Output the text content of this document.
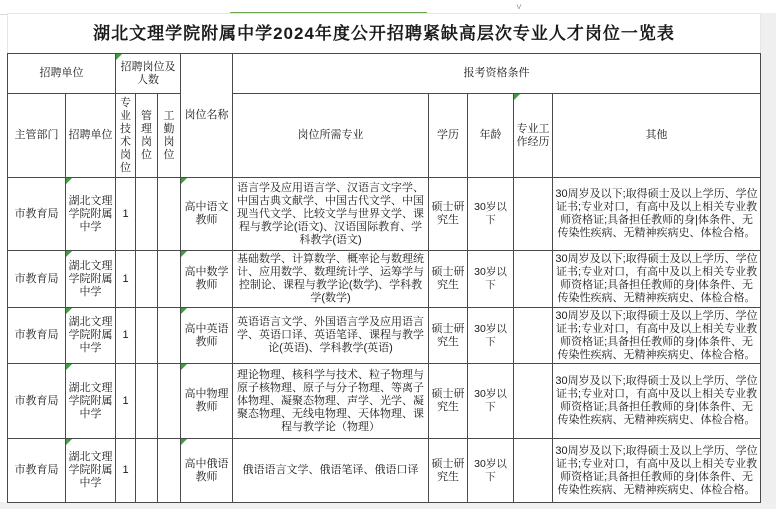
˅
湖北文理学院附属中学2024年度公开招聘紧缺高层次专业人才岗位一览表
招聘单位		招聘岗位及人数			岗位名称	报考资格条件				
主管部门	招聘单位	专业技术岗位	管理岗位	工勤岗位		岗位所需专业	学历	年龄	专业工作经历	其他
市教育局	湖北文理学院附属中学	1			高中语文教师	语言学及应用语言学、汉语言文字学、中国古典文献学、中国古代文学、中国现当代文学、比较文学与世界文学、课程与教学论(语文)、汉语国际教育、学科教学(语文)	硕士研究生	30岁以下		30周岁及以下;取得硕士及以上学历、学位证书;专业对口，有高中及以上相关专业教师资格证;具备担任教师的身|体条件、无传染性疾病、无精神疾病史、体检合格。
市教育局	湖北文理学院附属中学	1			高中数学教师	基础数学、计算数学、概率论与数理统计、应用数学、数理统计学、运筹学与控制论、课程与教学论(数学)、学科教学(数学)	硕士研究生	30岁以下		30周岁及以下;取得硕士及以上学历、学位证书;专业对口，有高中及以上相关专业教师资格证;具备担任教师的身|体条件、无传染性疾病、无精神疾病史、体检合格。
市教育局	湖北文理学院附属中学	1			高中英语教师	英语语言文学、外国语言学及应用语言学、英语口译、英语笔译、课程与教学论(英语)、学科教学(英语)	硕士研究生	30岁以下		30周岁及以下;取得硕士及以上学历、学位证书;专业对口，有高中及以上相关专业教师资格证;具备担任教师的身|体条件、无传染性疾病、无精神疾病史、体检合格。
市教育局	湖北文理学院附属中学	1			高中物理教师	理论物理、核科学与技术、粒子物理与原子核物理、原子与分子物理、等离子体物理、凝聚态物理、声学、光学、凝聚态物理、无线电物理、天体物理、课程与教学论（物理）	硕士研究生	30岁以下		30周岁及以下;取得硕士及以上学历、学位证书;专业对口，有高中及以上相关专业教师资格证;具备担任教师的身|体条件、无传染性疾病、无精神疾病史、体检合格。
市教育局	湖北文理学院附属中学	1			高中俄语教师	俄语语言文学、俄语笔译、俄语口译	硕士研究生	30岁以下		30周岁及以下;取得硕士及以上学历、学位证书;专业对口，有高中及以上相关专业教师资格证;具备担任教师的身|体条件、无传染性疾病、无精神疾病史、体检合格。
